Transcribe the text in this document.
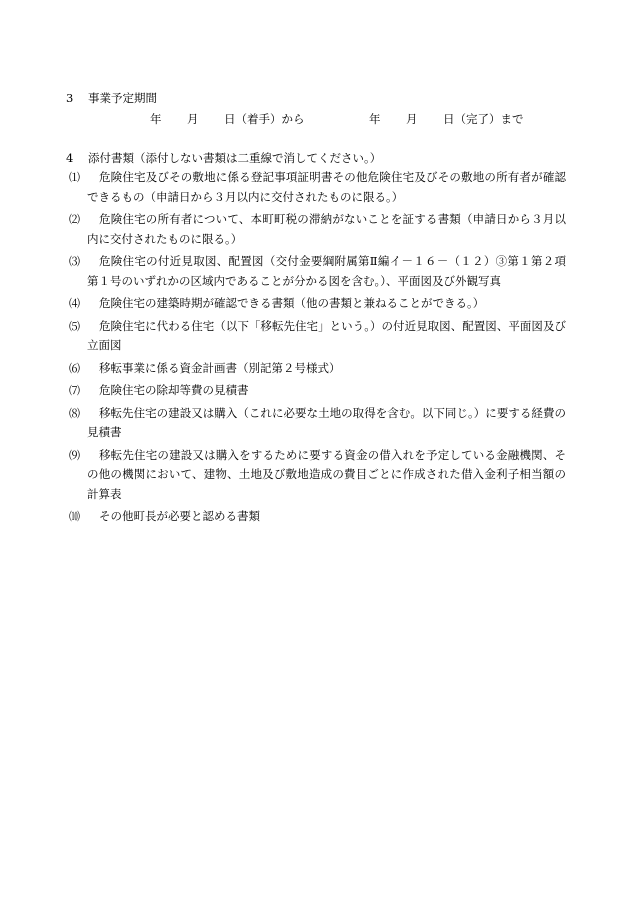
3 事業予定期間
年 月 日（着手）から	年 月 日（完了）まで
4 添付書類（添付しない書類は二重線で消してください。）
⑴	危険住宅及びその敷地に係る登記事項証明書その他危険住宅及びその敷地の所有者が確認できるもの（申請日から３月以内に交付されたものに限る。）
⑵	危険住宅の所有者について、本町町税の滞納がないことを証する書類（申請日から３月以内に交付されたものに限る。）
⑶	危険住宅の付近見取図、配置図（交付金要綱附属第Ⅱ編イ－１６－（１２）③第１第２項第１号のいずれかの区域内であることが分かる図を含む。）、平面図及び外観写真
⑷	危険住宅の建築時期が確認できる書類（他の書類と兼ねることができる。）
⑸	危険住宅に代わる住宅（以下「移転先住宅」という。）の付近見取図、配置図、平面図及び立面図
⑹	移転事業に係る資金計画書（別記第２号様式）
⑺	危険住宅の除却等費の見積書
⑻	移転先住宅の建設又は購入（これに必要な土地の取得を含む。以下同じ。）に要する経費の見積書
⑼	移転先住宅の建設又は購入をするために要する資金の借入れを予定している金融機関、その他の機関において、建物、土地及び敷地造成の費目ごとに作成された借入金利子相当額の計算表
⑽	その他町長が必要と認める書類
